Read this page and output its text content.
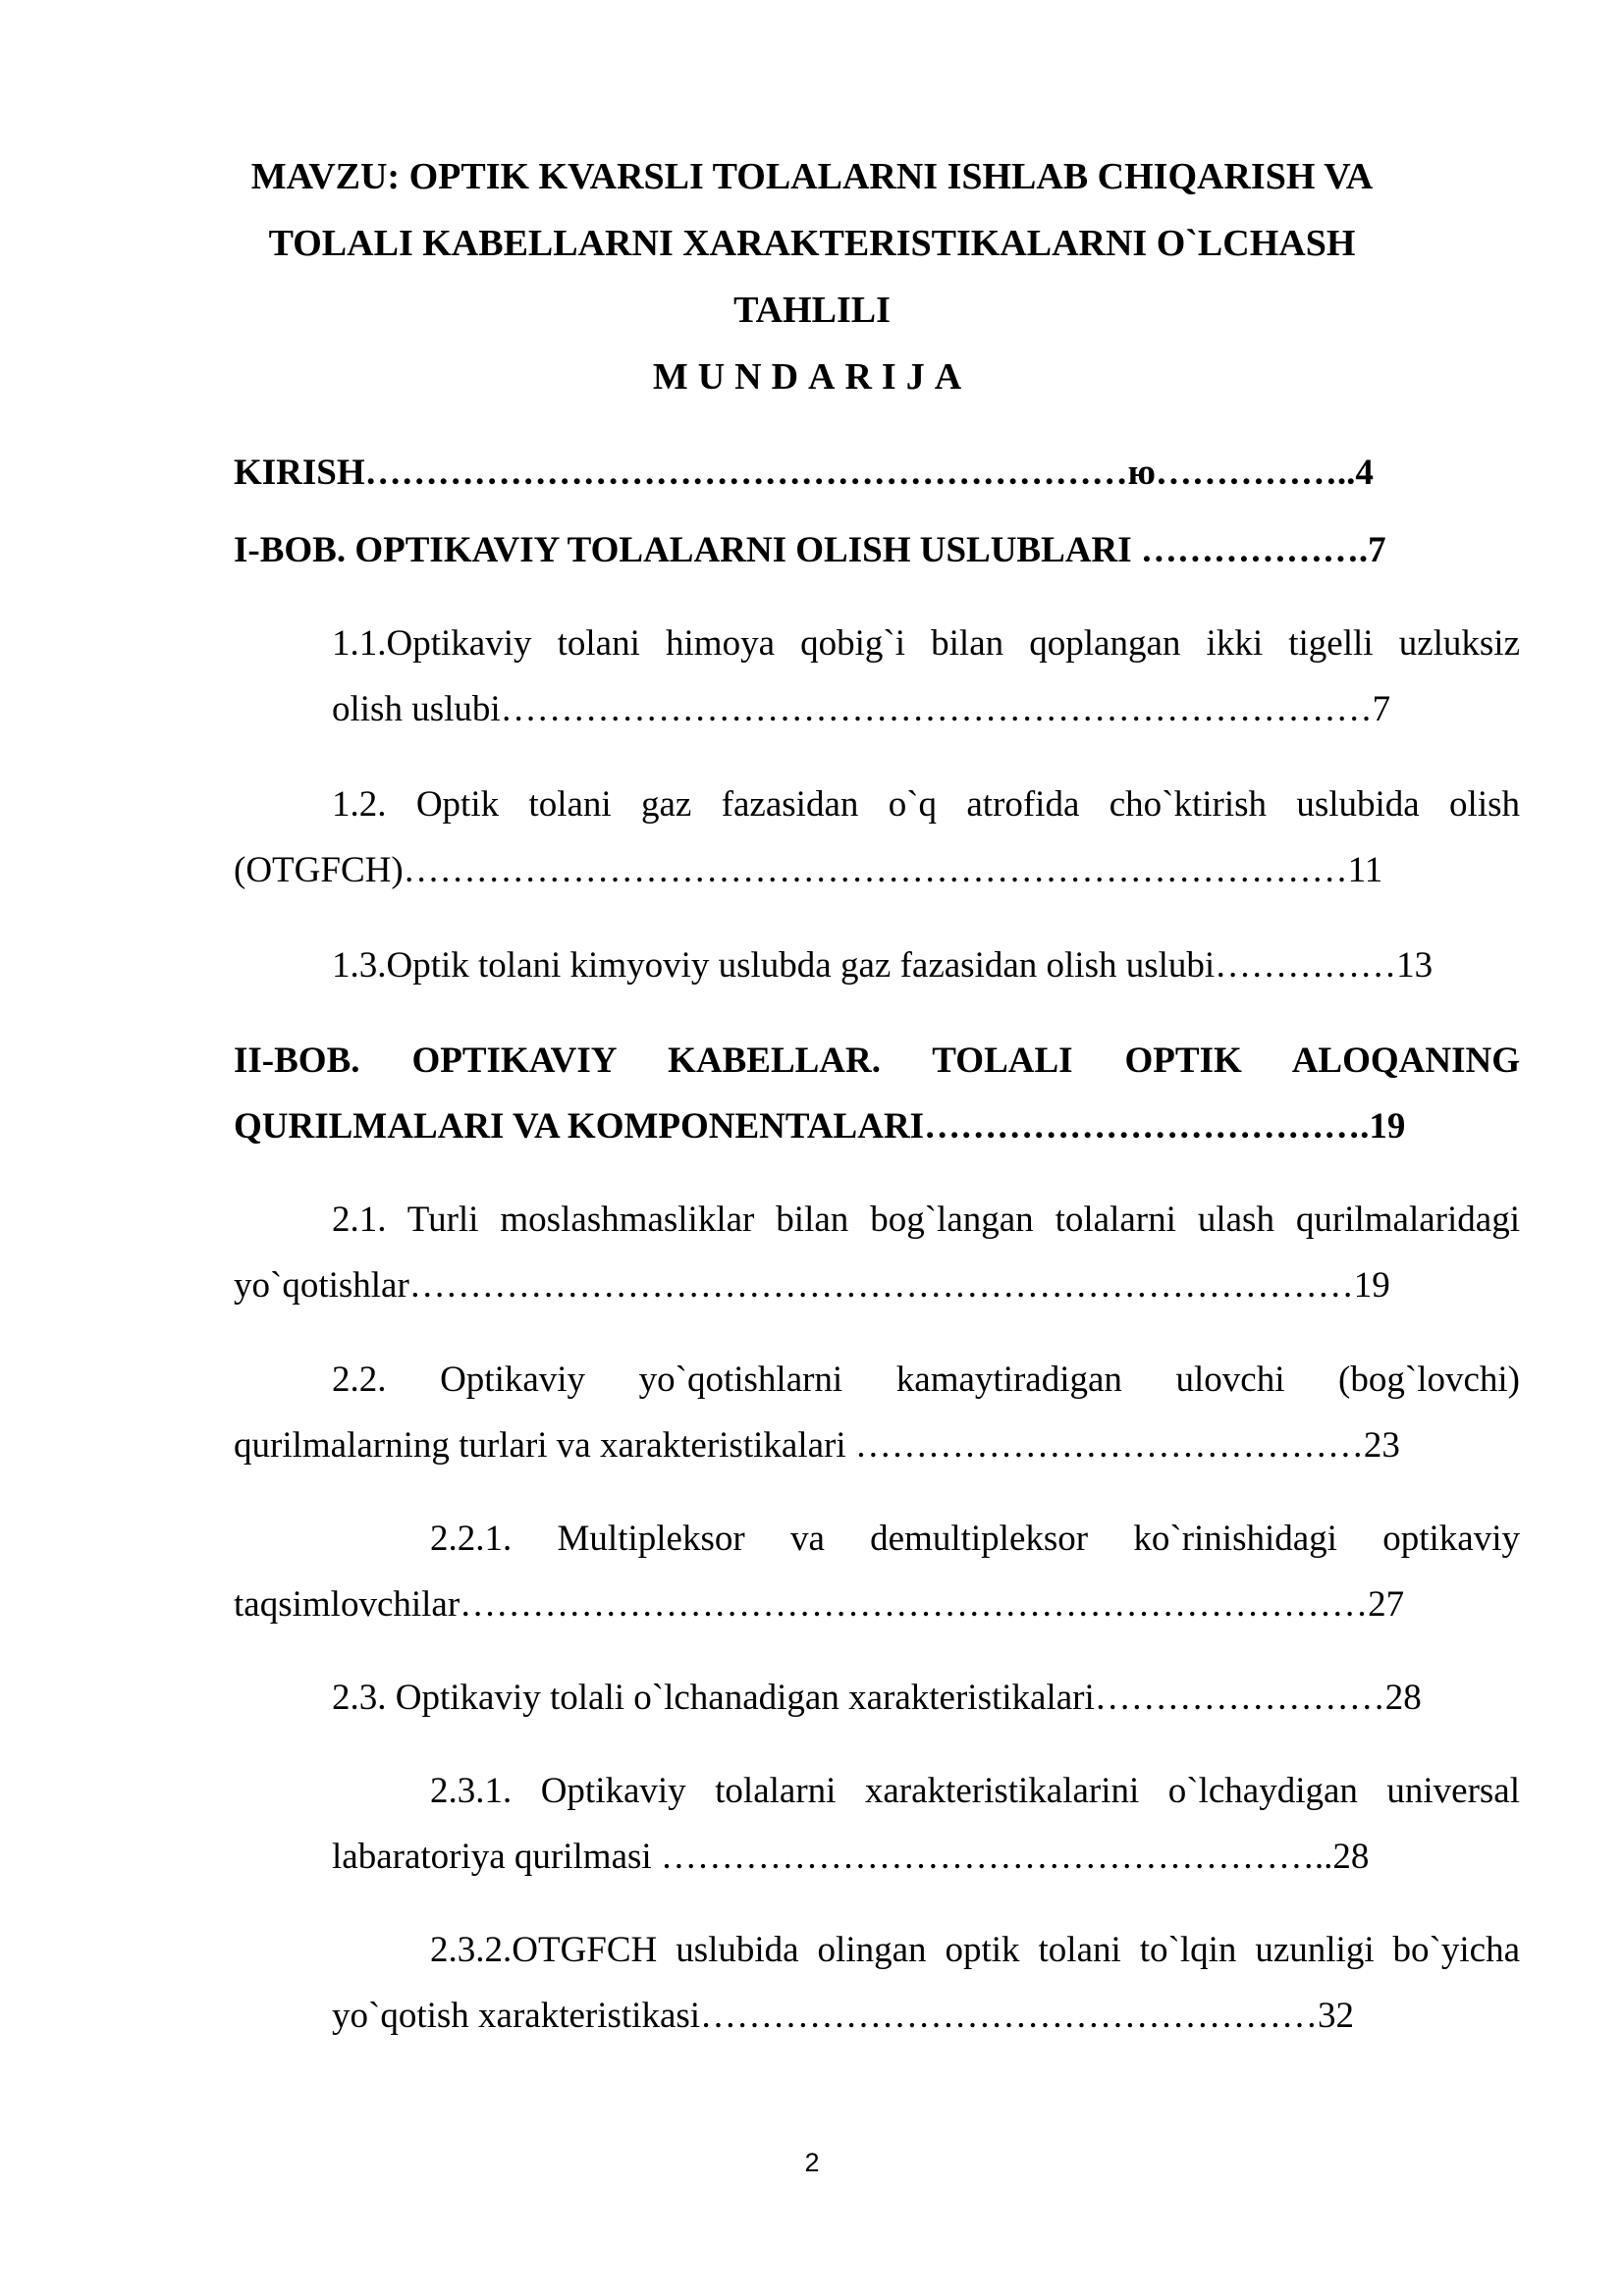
MAVZU: OPTIK KVARSLI TOLALARNI ISHLAB CHIQARISH VA
TOLALI KABELLARNI XARAKTERISTIKALARNI O`LCHASH
TAHLILI
MUNDARIJA
KIRISH………………………………………………………ю……………..4
I-BOB. OPTIKAVIY TOLALARNI OLISH USLUBLARI ……………….7
1.1.Optikaviy tolani himoya qobig`i bilan qoplangan ikki tigelli uzluksiz
olish uslubi………………………………………………………………7
1.2. Optik tolani gaz fazasidan o`q atrofida cho`ktirish uslubida olish
(OTGFCH)……………………………………………………………………11
1.3.Optik tolani kimyoviy uslubda gaz fazasidan olish uslubi……………13
II-BOB. OPTIKAVIY KABELLAR. TOLALI OPTIK ALOQANING
QURILMALARI VA KOMPONENTALARI……………………………….19
2.1. Turli moslashmasliklar bilan bog`langan tolalarni ulash qurilmalaridagi
yo`qotishlar……………………………………………………………………19
2.2. Optikaviy yo`qotishlarni kamaytiradigan ulovchi (bog`lovchi)
qurilmalarning turlari va xarakteristikalari ……………………………………23
2.2.1. Multipleksor va demultipleksor ko`rinishidagi optikaviy
taqsimlovchilar…………………………………………………………………27
2.3. Optikaviy tolali o`lchanadigan xarakteristikalari……………………28
2.3.1. Optikaviy tolalarni xarakteristikalarini o`lchaydigan universal
labaratoriya qurilmasi ………………………………………………..28
2.3.2.OTGFCH uslubida olingan optik tolani to`lqin uzunligi bo`yicha
yo`qotish xarakteristikasi……………………………………………32
2
